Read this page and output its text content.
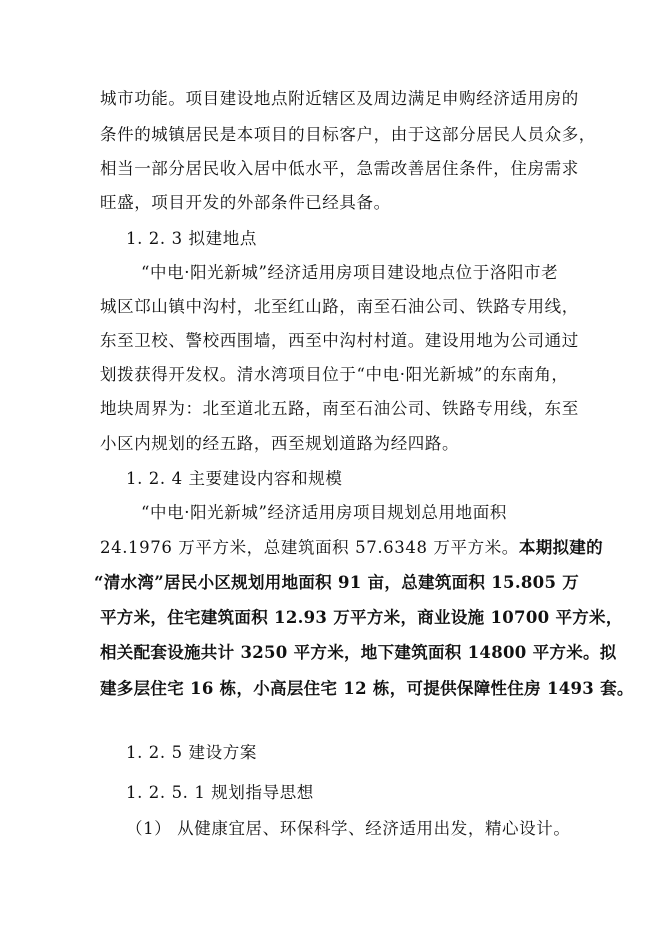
城市功能。项目建设地点附近辖区及周边满足申购经济适用房的
条件的城镇居民是本项目的目标客户，由于这部分居民人员众多，
相当一部分居民收入居中低水平，急需改善居住条件，住房需求
旺盛，项目开发的外部条件已经具备。
1. 2. 3 拟建地点
“中电·阳光新城”经济适用房项目建设地点位于洛阳市老
城区邙山镇中沟村，北至红山路，南至石油公司、铁路专用线，
东至卫校、警校西围墙，西至中沟村村道。建设用地为公司通过
划拨获得开发权。清水湾项目位于“中电·阳光新城”的东南角，
地块周界为：北至道北五路，南至石油公司、铁路专用线，东至
小区内规划的经五路，西至规划道路为经四路。
1. 2. 4 主要建设内容和规模
“中电·阳光新城”经济适用房项目规划总用地面积
24.1976 万平方米，总建筑面积 57.6348 万平方米。本期拟建的
“清水湾”居民小区规划用地面积 91 亩，总建筑面积 15.805 万
平方米，住宅建筑面积 12.93 万平方米，商业设施 10700 平方米，
相关配套设施共计 3250 平方米，地下建筑面积 14800 平方米。拟
建多层住宅 16 栋，小高层住宅 12 栋，可提供保障性住房 1493 套。
1. 2. 5 建设方案
1. 2. 5. 1 规划指导思想
（1） 从健康宜居、环保科学、经济适用出发，精心设计。
